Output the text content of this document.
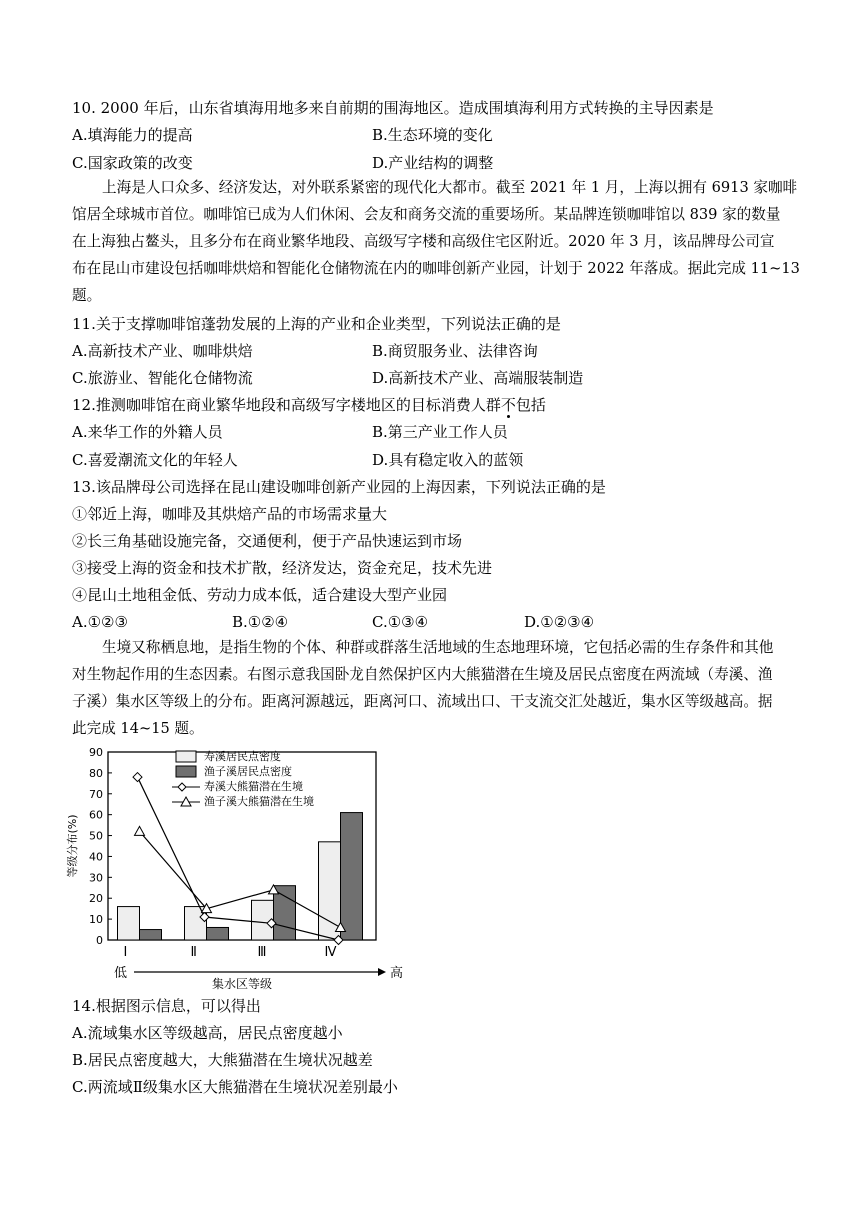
10. 2000 年后，山东省填海用地多来自前期的围海地区。造成围填海利用方式转换的主导因素是
A.填海能力的提高	B.生态环境的变化
C.国家政策的改变	D.产业结构的调整
上海是人口众多、经济发达，对外联系紧密的现代化大都市。截至 2021 年 1 月，上海以拥有 6913 家咖啡
馆居全球城市首位。咖啡馆已成为人们休闲、会友和商务交流的重要场所。某品牌连锁咖啡馆以 839 家的数量
在上海独占鳌头，且多分布在商业繁华地段、高级写字楼和高级住宅区附近。2020 年 3 月，该品牌母公司宣
布在昆山市建设包括咖啡烘焙和智能化仓储物流在内的咖啡创新产业园，计划于 2022 年落成。据此完成 11~13
题。
11.关于支撑咖啡馆蓬勃发展的上海的产业和企业类型，下列说法正确的是
A.高新技术产业、咖啡烘焙	B.商贸服务业、法律咨询
C.旅游业、智能化仓储物流	D.高新技术产业、高端服装制造
12.推测咖啡馆在商业繁华地段和高级写字楼地区的目标消费人群不包括
A.来华工作的外籍人员	B.第三产业工作人员
C.喜爱潮流文化的年轻人	D.具有稳定收入的蓝领
13.该品牌母公司选择在昆山建设咖啡创新产业园的上海因素，下列说法正确的是
①邻近上海，咖啡及其烘焙产品的市场需求量大
②长三角基础设施完备，交通便利，便于产品快速运到市场
③接受上海的资金和技术扩散，经济发达，资金充足，技术先进
④昆山土地租金低、劳动力成本低，适合建设大型产业园
A.①②③	B.①②④	C.①③④	D.①②③④
生境又称栖息地，是指生物的个体、种群或群落生活地域的生态地理环境，它包括必需的生存条件和其他
对生物起作用的生态因素。右图示意我国卧龙自然保护区内大熊猫潜在生境及居民点密度在两流域（寿溪、渔
子溪）集水区等级上的分布。距离河源越远，距离河口、流域出口、干支流交汇处越近，集水区等级越高。据
此完成 14~15 题。
0
10
20
30
40
50
60
70
80
90
等级分布(%)
Ⅰ	Ⅱ	Ⅲ	Ⅳ
低	高
集水区等级
寿溪居民点密度
渔子溪居民点密度
寿溪大熊猫潜在生境
渔子溪大熊猫潜在生境
14.根据图示信息，可以得出
A.流域集水区等级越高，居民点密度越小
B.居民点密度越大，大熊猫潜在生境状况越差
C.两流域Ⅱ级集水区大熊猫潜在生境状况差别最小
